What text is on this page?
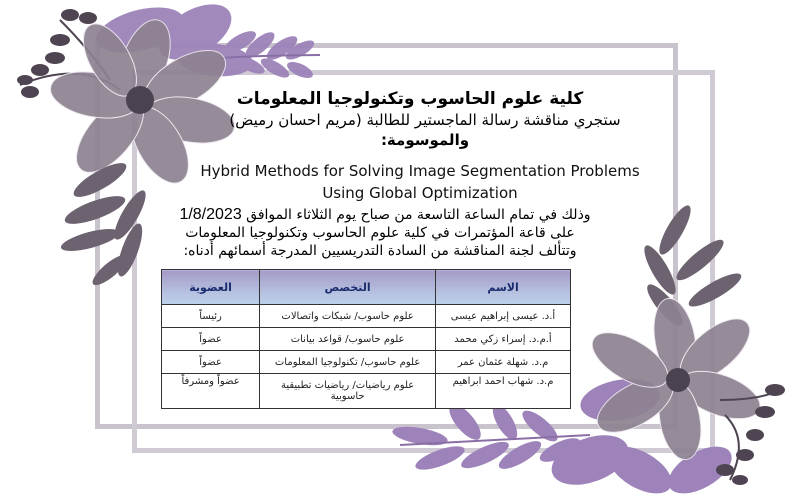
كلية علوم الحاسوب وتكنولوجيا المعلومات
ستجري مناقشة رسالة الماجستير للطالبة (مريم احسان رميض)
والموسومة:
Hybrid Methods for Solving Image Segmentation Problems
Using Global Optimization
وذلك في تمام الساعة التاسعة من صباح يوم الثلاثاء الموافق 1/8/2023
على قاعة المؤتمرات في كلية علوم الحاسوب وتكنولوجيا المعلومات
وتتألف لجنة المناقشة من السادة التدريسيين المدرجة أسمائهم أدناه:
الاسم	التخصص	العضوية
أ.د. عيسى إبراهيم عيسى	علوم حاسوب/ شبكات واتصالات	رئيساً
أ.م.د. إسراء زكي محمد	علوم حاسوب/ قواعد بيانات	عضواً
م.د. شهلة عثمان عمر	علوم حاسوب/ تكنولوجيا المعلومات	عضواً
م.د. شهاب احمد ابراهيم	علوم رياضيات/ رياضيات تطبيقية حاسوبية	عضواً ومشرفاً
